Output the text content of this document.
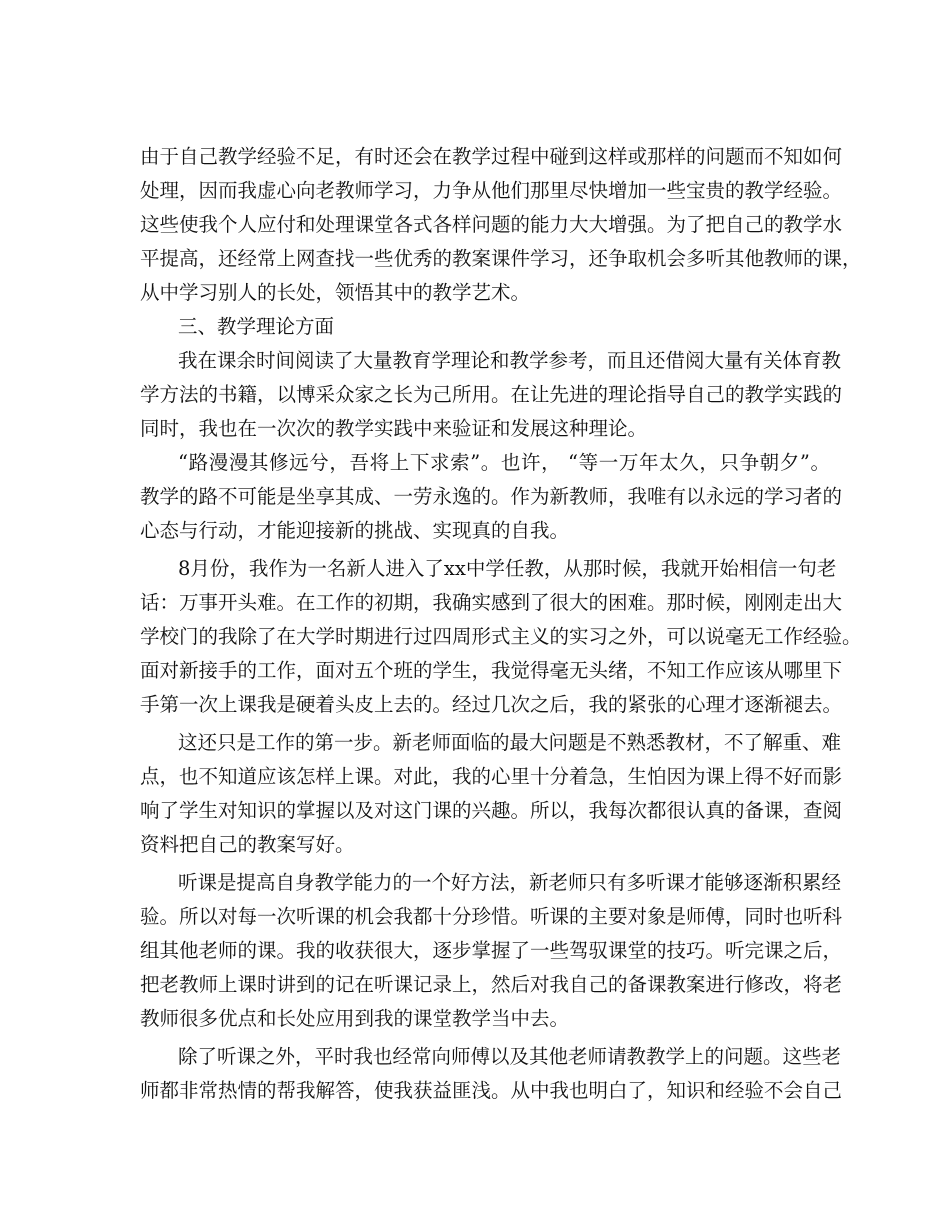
由于自己教学经验不足，有时还会在教学过程中碰到这样或那样的问题而不知如何
处理，因而我虚心向老教师学习，力争从他们那里尽快增加一些宝贵的教学经验。
这些使我个人应付和处理课堂各式各样问题的能力大大增强。为了把自己的教学水
平提高，还经常上网查找一些优秀的教案课件学习，还争取机会多听其他教师的课，
从中学习别人的长处，领悟其中的教学艺术。
三、教学理论方面
我在课余时间阅读了大量教育学理论和教学参考，而且还借阅大量有关体育教
学方法的书籍，以博采众家之长为己所用。在让先进的理论指导自己的教学实践的
同时，我也在一次次的教学实践中来验证和发展这种理论。
“路漫漫其修远兮，吾将上下求索”。也许， “等一万年太久，只争朝夕”。
教学的路不可能是坐享其成、一劳永逸的。作为新教师，我唯有以永远的学习者的
心态与行动，才能迎接新的挑战、实现真的自我。
8月份，我作为一名新人进入了xx中学任教，从那时候，我就开始相信一句老
话：万事开头难。在工作的初期，我确实感到了很大的困难。那时候，刚刚走出大
学校门的我除了在大学时期进行过四周形式主义的实习之外，可以说毫无工作经验。
面对新接手的工作，面对五个班的学生，我觉得毫无头绪，不知工作应该从哪里下
手第一次上课我是硬着头皮上去的。经过几次之后，我的紧张的心理才逐渐褪去。
这还只是工作的第一步。新老师面临的最大问题是不熟悉教材，不了解重、难
点，也不知道应该怎样上课。对此，我的心里十分着急，生怕因为课上得不好而影
响了学生对知识的掌握以及对这门课的兴趣。所以，我每次都很认真的备课，查阅
资料把自己的教案写好。
听课是提高自身教学能力的一个好方法，新老师只有多听课才能够逐渐积累经
验。所以对每一次听课的机会我都十分珍惜。听课的主要对象是师傅，同时也听科
组其他老师的课。我的收获很大，逐步掌握了一些驾驭课堂的技巧。听完课之后，
把老教师上课时讲到的记在听课记录上，然后对我自己的备课教案进行修改，将老
教师很多优点和长处应用到我的课堂教学当中去。
除了听课之外，平时我也经常向师傅以及其他老师请教教学上的问题。这些老
师都非常热情的帮我解答，使我获益匪浅。从中我也明白了，知识和经验不会自己
